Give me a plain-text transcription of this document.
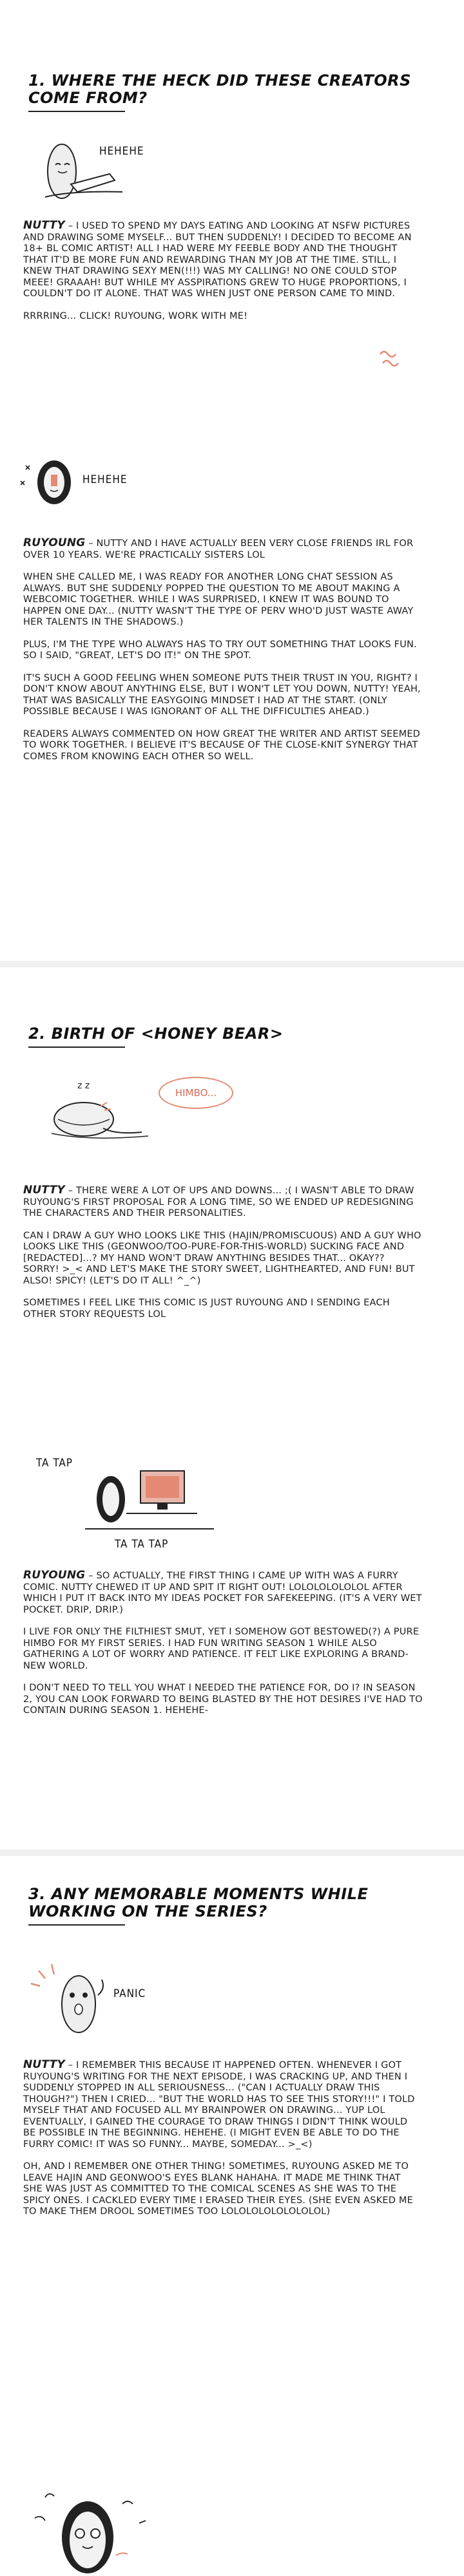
1. WHERE THE HECK DID THESE CREATORS
COME FROM?
HEHEHE

NUTTY – I USED TO SPEND MY DAYS EATING AND LOOKING AT NSFW PICTURES AND DRAWING SOME MYSELF... BUT THEN SUDDENLY! I DECIDED TO BECOME AN 18+ BL COMIC ARTIST! ALL I HAD WERE MY FEEBLE BODY AND THE THOUGHT THAT IT'D BE MORE FUN AND REWARDING THAN MY JOB AT THE TIME. STILL, I KNEW THAT DRAWING SEXY MEN(!!!) WAS MY CALLING! NO ONE COULD STOP MEEE! GRAAAH! BUT WHILE MY ASSPIRATIONS GREW TO HUGE PROPORTIONS, I COULDN'T DO IT ALONE. THAT WAS WHEN JUST ONE PERSON CAME TO MIND.

RRRRING... CLICK! RUYOUNG, WORK WITH ME!

HEHEHE

RUYOUNG – NUTTY AND I HAVE ACTUALLY BEEN VERY CLOSE FRIENDS IRL FOR OVER 10 YEARS. WE'RE PRACTICALLY SISTERS LOL

WHEN SHE CALLED ME, I WAS READY FOR ANOTHER LONG CHAT SESSION AS ALWAYS. BUT SHE SUDDENLY POPPED THE QUESTION TO ME ABOUT MAKING A WEBCOMIC TOGETHER. WHILE I WAS SURPRISED, I KNEW IT WAS BOUND TO HAPPEN ONE DAY... (NUTTY WASN'T THE TYPE OF PERV WHO'D JUST WASTE AWAY HER TALENTS IN THE SHADOWS.)

PLUS, I'M THE TYPE WHO ALWAYS HAS TO TRY OUT SOMETHING THAT LOOKS FUN. SO I SAID, "GREAT, LET'S DO IT!" ON THE SPOT.

IT'S SUCH A GOOD FEELING WHEN SOMEONE PUTS THEIR TRUST IN YOU, RIGHT? I DON'T KNOW ABOUT ANYTHING ELSE, BUT I WON'T LET YOU DOWN, NUTTY! YEAH, THAT WAS BASICALLY THE EASYGOING MINDSET I HAD AT THE START. (ONLY POSSIBLE BECAUSE I WAS IGNORANT OF ALL THE DIFFICULTIES AHEAD.)

READERS ALWAYS COMMENTED ON HOW GREAT THE WRITER AND ARTIST SEEMED TO WORK TOGETHER. I BELIEVE IT'S BECAUSE OF THE CLOSE-KNIT SYNERGY THAT COMES FROM KNOWING EACH OTHER SO WELL.

2. BIRTH OF <HONEY BEAR>
z z
HIMBO...

NUTTY – THERE WERE A LOT OF UPS AND DOWNS... ;( I WASN'T ABLE TO DRAW RUYOUNG'S FIRST PROPOSAL FOR A LONG TIME, SO WE ENDED UP REDESIGNING THE CHARACTERS AND THEIR PERSONALITIES.

CAN I DRAW A GUY WHO LOOKS LIKE THIS (HAJIN/PROMISCUOUS) AND A GUY WHO LOOKS LIKE THIS (GEONWOO/TOO-PURE-FOR-THIS-WORLD) SUCKING FACE AND [REDACTED]...? MY HAND WON'T DRAW ANYTHING BESIDES THAT... OKAY?? SORRY! >_< AND LET'S MAKE THE STORY SWEET, LIGHTHEARTED, AND FUN! BUT ALSO! SPICY! (LET'S DO IT ALL! ^_^)

SOMETIMES I FEEL LIKE THIS COMIC IS JUST RUYOUNG AND I SENDING EACH OTHER STORY REQUESTS LOL

TA TAP
TA TA TAP

RUYOUNG – SO ACTUALLY, THE FIRST THING I CAME UP WITH WAS A FURRY COMIC. NUTTY CHEWED IT UP AND SPIT IT RIGHT OUT! LOLOLOLOLOLOL AFTER WHICH I PUT IT BACK INTO MY IDEAS POCKET FOR SAFEKEEPING. (IT'S A VERY WET POCKET. DRIP, DRIP.)

I LIVE FOR ONLY THE FILTHIEST SMUT, YET I SOMEHOW GOT BESTOWED(?) A PURE HIMBO FOR MY FIRST SERIES. I HAD FUN WRITING SEASON 1 WHILE ALSO GATHERING A LOT OF WORRY AND PATIENCE. IT FELT LIKE EXPLORING A BRAND-NEW WORLD.

I DON'T NEED TO TELL YOU WHAT I NEEDED THE PATIENCE FOR, DO I? IN SEASON 2, YOU CAN LOOK FORWARD TO BEING BLASTED BY THE HOT DESIRES I'VE HAD TO CONTAIN DURING SEASON 1. HEHEHE-

3. ANY MEMORABLE MOMENTS WHILE
WORKING ON THE SERIES?
PANIC

NUTTY – I REMEMBER THIS BECAUSE IT HAPPENED OFTEN. WHENEVER I GOT RUYOUNG'S WRITING FOR THE NEXT EPISODE, I WAS CRACKING UP, AND THEN I SUDDENLY STOPPED IN ALL SERIOUSNESS... ("CAN I ACTUALLY DRAW THIS THOUGH?") THEN I CRIED... "BUT THE WORLD HAS TO SEE THIS STORY!!!" I TOLD MYSELF THAT AND FOCUSED ALL MY BRAINPOWER ON DRAWING... YUP LOL EVENTUALLY, I GAINED THE COURAGE TO DRAW THINGS I DIDN'T THINK WOULD BE POSSIBLE IN THE BEGINNING. HEHEHE. (I MIGHT EVEN BE ABLE TO DO THE FURRY COMIC! IT WAS SO FUNNY... MAYBE, SOMEDAY... >_<)

OH, AND I REMEMBER ONE OTHER THING! SOMETIMES, RUYOUNG ASKED ME TO LEAVE HAJIN AND GEONWOO'S EYES BLANK HAHAHA. IT MADE ME THINK THAT SHE WAS JUST AS COMMITTED TO THE COMICAL SCENES AS SHE WAS TO THE SPICY ONES. I CACKLED EVERY TIME I ERASED THEIR EYES. (SHE EVEN ASKED ME TO MAKE THEM DROOL SOMETIMES TOO LOLOLOLOLOLOLOLOL)
